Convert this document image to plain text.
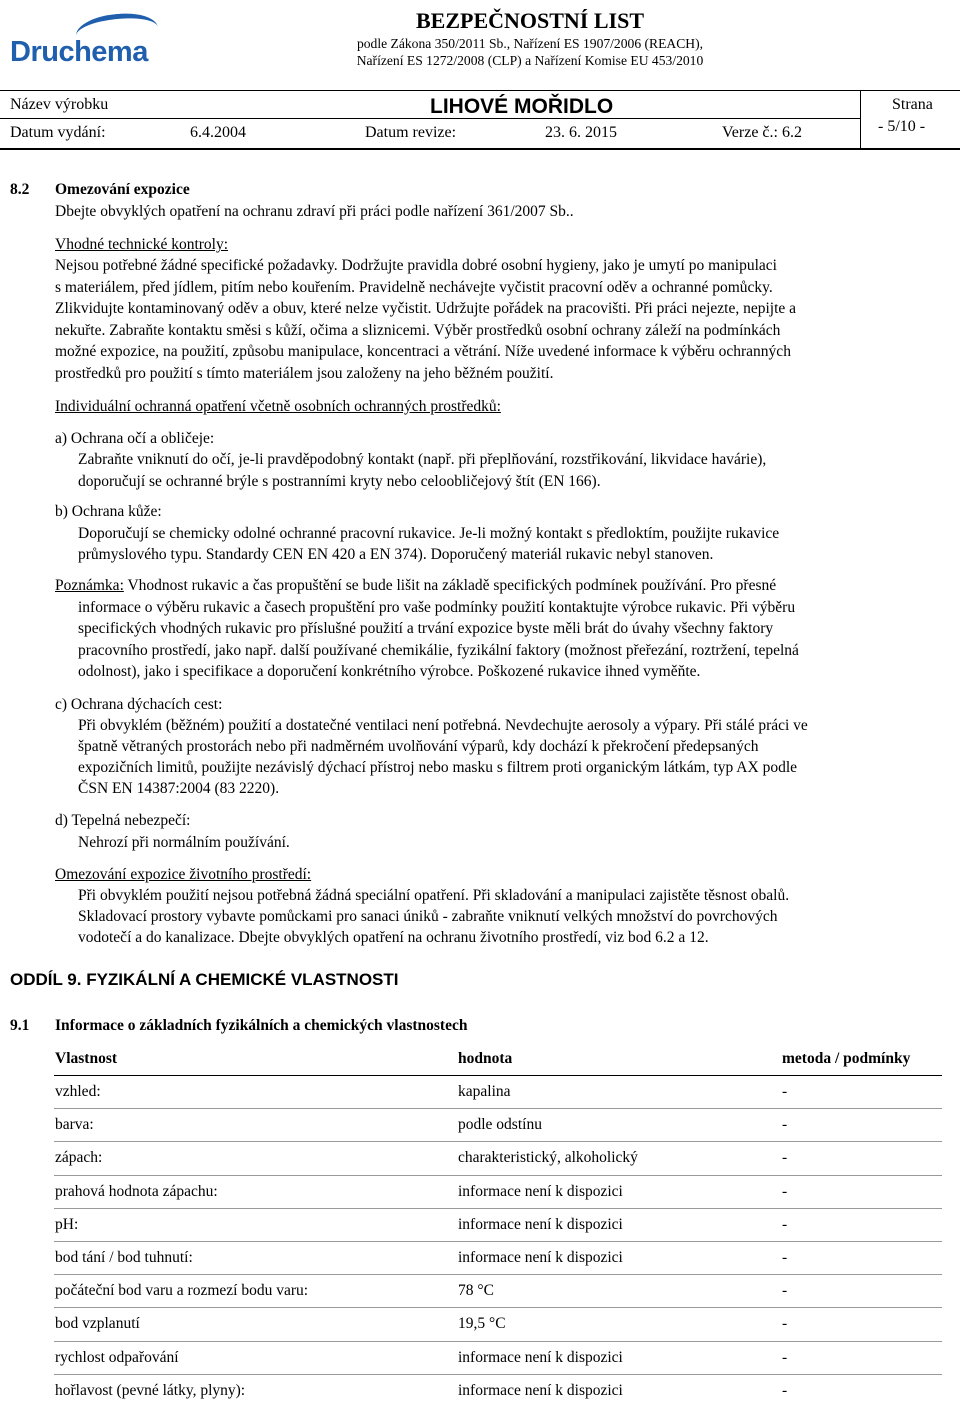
Druchema
BEZPEČNOSTNÍ LIST
podle Zákona 350/2011 Sb., Nařízení ES 1907/2006 (REACH),
Nařízení ES 1272/2008 (CLP) a Nařízení Komise EU 453/2010
Název výrobku	LIHOVÉ MOŘIDLO
Datum vydání:	6.4.2004	Datum revize:	23. 6. 2015	Verze č.: 6.2
Strana
- 5/10 -
8.2 Omezování expozice
Dbejte obvyklých opatření na ochranu zdraví při práci podle nařízení 361/2007 Sb..
Vhodné technické kontroly:
Nejsou potřebné žádné specifické požadavky. Dodržujte pravidla dobré osobní hygieny, jako je umytí po manipulaci
s materiálem, před jídlem, pitím nebo kouřením. Pravidelně nechávejte vyčistit pracovní oděv a ochranné pomůcky.
Zlikvidujte kontaminovaný oděv a obuv, které nelze vyčistit. Udržujte pořádek na pracovišti. Při práci nejezte, nepijte a
nekuřte. Zabraňte kontaktu směsi s kůží, očima a sliznicemi. Výběr prostředků osobní ochrany záleží na podmínkách
možné expozice, na použití, způsobu manipulace, koncentraci a větrání. Níže uvedené informace k výběru ochranných
prostředků pro použití s tímto materiálem jsou založeny na jeho běžném použití.
Individuální ochranná opatření včetně osobních ochranných prostředků:
a) Ochrana očí a obličeje:
Zabraňte vniknutí do očí, je-li pravděpodobný kontakt (např. při přeplňování, rozstřikování, likvidace havárie),
doporučují se ochranné brýle s postranními kryty nebo celoobličejový štít (EN 166).
b) Ochrana kůže:
Doporučují se chemicky odolné ochranné pracovní rukavice. Je-li možný kontakt s předloktím, použijte rukavice
průmyslového typu. Standardy CEN EN 420 a EN 374). Doporučený materiál rukavic nebyl stanoven.
Poznámka: Vhodnost rukavic a čas propuštění se bude lišit na základě specifických podmínek používání. Pro přesné
informace o výběru rukavic a časech propuštění pro vaše podmínky použití kontaktujte výrobce rukavic. Při výběru
specifických vhodných rukavic pro příslušné použití a trvání expozice byste měli brát do úvahy všechny faktory
pracovního prostředí, jako např. další používané chemikálie, fyzikální faktory (možnost přeřezání, roztržení, tepelná
odolnost), jako i specifikace a doporučení konkrétního výrobce. Poškozené rukavice ihned vyměňte.
c) Ochrana dýchacích cest:
Při obvyklém (běžném) použití a dostatečné ventilaci není potřebná. Nevdechujte aerosoly a výpary. Při stálé práci ve
špatně větraných prostorách nebo při nadměrném uvolňování výparů, kdy dochází k překročení předepsaných
expozičních limitů, použijte nezávislý dýchací přístroj nebo masku s filtrem proti organickým látkám, typ AX podle
ČSN EN 14387:2004 (83 2220).
d) Tepelná nebezpečí:
Nehrozí při normálním používání.
Omezování expozice životního prostředí:
Při obvyklém použití nejsou potřebná žádná speciální opatření. Při skladování a manipulaci zajistěte těsnost obalů.
Skladovací prostory vybavte pomůckami pro sanaci úniků - zabraňte vniknutí velkých množství do povrchových
vodotečí a do kanalizace. Dbejte obvyklých opatření na ochranu životního prostředí, viz bod 6.2 a 12.
ODDÍL 9. FYZIKÁLNÍ A CHEMICKÉ VLASTNOSTI
9.1 Informace o základních fyzikálních a chemických vlastnostech
Vlastnost	hodnota	metoda / podmínky
vzhled:	kapalina	-
barva:	podle odstínu	-
zápach:	charakteristický, alkoholický	-
prahová hodnota zápachu:	informace není k dispozici	-
pH:	informace není k dispozici	-
bod tání / bod tuhnutí:	informace není k dispozici	-
počáteční bod varu a rozmezí bodu varu:	78 °C	-
bod vzplanutí	19,5 °C	-
rychlost odpařování	informace není k dispozici	-
hořlavost (pevné látky, plyny):	informace není k dispozici	-
